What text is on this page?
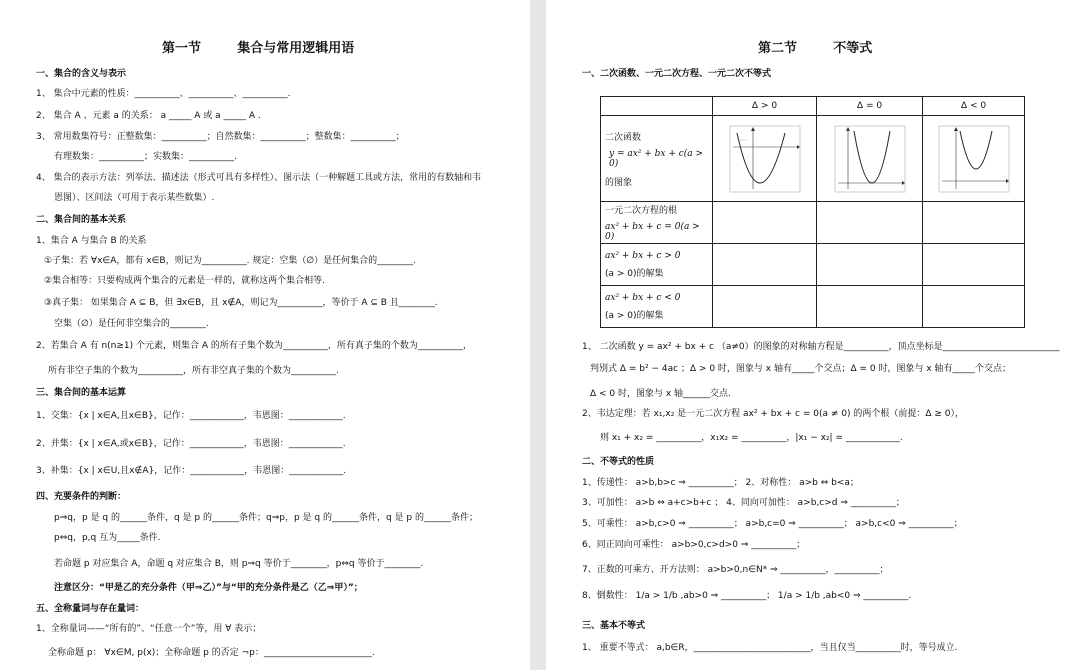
第一节        集合与常用逻辑用语
一、集合的含义与表示
1、 集合中元素的性质：__________、__________、__________.
2、 集合 A 、元素 a 的关系： a _____ A 或 a _____ A .
3、 常用数集符号：正整数集：__________；自然数集：__________；整数集：__________；
有理数集：__________；实数集：__________.
4、 集合的表示方法：列举法、描述法（形式可具有多样性）、图示法（一种解题工具或方法，常用的有数轴和韦
恩图）、区间法（可用于表示某些数集）.
二、集合间的基本关系
1、集合 A 与集合 B 的关系
①子集：若 ∀x∈A，都有 x∈B，则记为__________. 规定：空集（∅）是任何集合的________.
②集合相等：只要构成两个集合的元素是一样的，就称这两个集合相等.
③真子集： 如果集合 A ⊆ B，但 ∃x∈B，且 x∉A，则记为__________，等价于 A ⊆ B 且________.
空集（∅）是任何非空集合的________.
2、若集合 A 有 n(n≥1) 个元素，则集合 A 的所有子集个数为__________，所有真子集的个数为__________，
所有非空子集的个数为__________，所有非空真子集的个数为__________.
三、集合间的基本运算
1、交集：{x | x∈A,且x∈B}，记作：____________，韦恩图：____________.
2、并集：{x | x∈A,或x∈B}，记作：____________，韦恩图：____________.
3、补集：{x | x∈U,且x∉A}，记作：____________，韦恩图：____________.
四、充要条件的判断：
p⇒q，p 是 q 的______条件，q 是 p 的______条件；q⇒p，p 是 q 的______条件，q 是 p 的______条件；
p⇔q，p,q 互为_____条件.
若命题 p 对应集合 A，命题 q 对应集合 B，则 p⇒q 等价于________，p⇔q 等价于________.
注意区分：“甲是乙的充分条件（甲⇒乙）”与“甲的充分条件是乙（乙⇒甲）”；
五、全称量词与存在量词：
1、全称量词——“所有的”、“任意一个”等，用 ∀ 表示；
全称命题 p： ∀x∈M, p(x)；全称命题 p 的否定 ¬p：________________________.
第二节        不等式
一、二次函数、一元二次方程、一元二次不等式
	Δ > 0	Δ = 0	Δ < 0

二次函数
y = ax² + bx + c(a > 0)
的图象

一元二次方程的根
ax² + bx + c = 0(a > 0)			

ax² + bx + c > 0
(a > 0)的解集			

ax² + bx + c < 0
(a > 0)的解集			

1、 二次函数 y = ax² + bx + c （a≠0）的图象的对称轴方程是__________，顶点坐标是__________________________
判别式 Δ = b² − 4ac ；Δ > 0 时，图象与 x 轴有_____个交点；Δ = 0 时，图象与 x 轴有_____个交点；
Δ < 0 时，图象与 x 轴______交点.
2、韦达定理：若 x₁,x₂ 是一元二次方程 ax² + bx + c = 0(a ≠ 0) 的两个根（前提：Δ ≥ 0），
则 x₁ + x₂ = __________，x₁x₂ = __________，|x₁ − x₂| = ____________.
二、不等式的性质
1、传递性： a>b,b>c ⇒ __________； 2、对称性： a>b ⇔ b<a；
3、可加性： a>b ⇔ a+c>b+c ； 4、同向可加性： a>b,c>d ⇒ __________；
5、可乘性： a>b,c>0 ⇒ __________； a>b,c=0 ⇒ __________； a>b,c<0 ⇒ __________；
6、同正同向可乘性： a>b>0,c>d>0 ⇒ __________；
7、正数的可乘方、开方法则： a>b>0,n∈N* ⇒ __________，__________；
8、倒数性： 1/a > 1/b ,ab>0 ⇒ __________； 1/a > 1/b ,ab<0 ⇒ __________.
三、基本不等式
1、 重要不等式： a,b∈R，__________________________，当且仅当__________时，等号成立.
